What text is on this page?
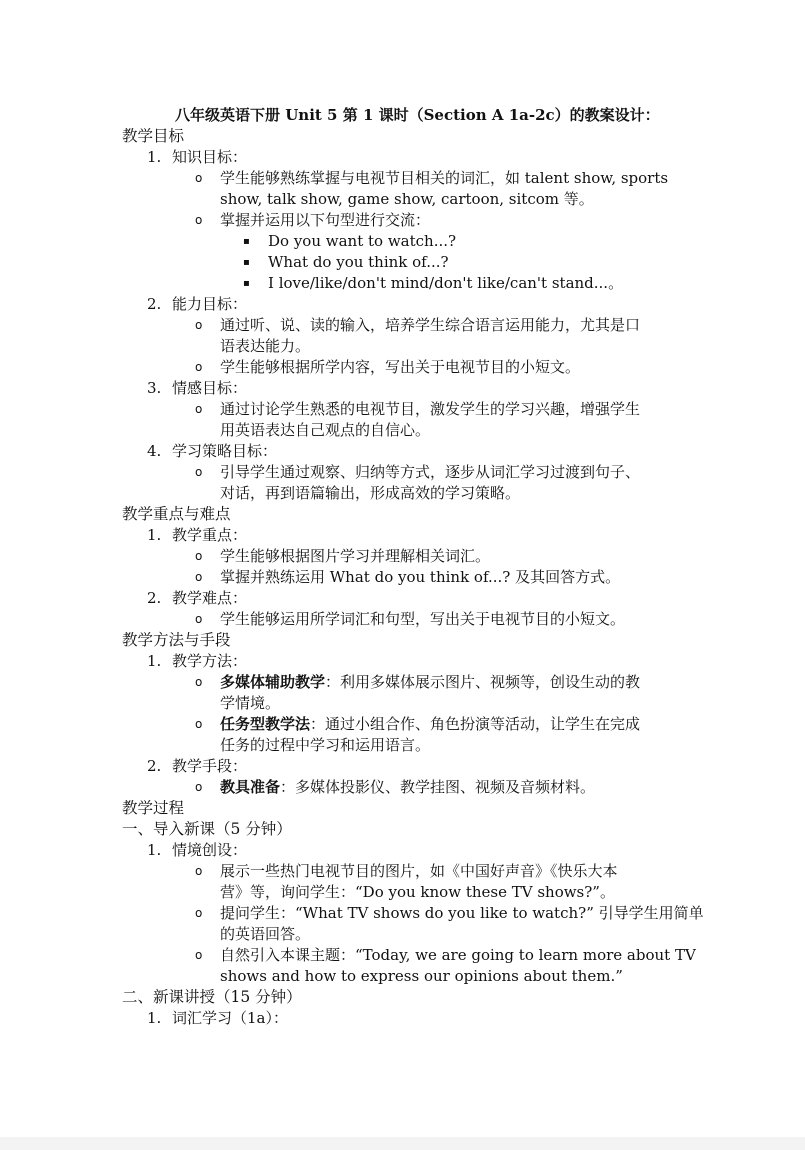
八年级英语下册 Unit 5 第 1 课时（Section A 1a-2c）的教案设计：
教学目标
1. 知识目标：
o 学生能够熟练掌握与电视节目相关的词汇，如 talent show, sports
show, talk show, game show, cartoon, sitcom 等。
o 掌握并运用以下句型进行交流：
▪ Do you want to watch...?
▪ What do you think of...?
▪ I love/like/don't mind/don't like/can't stand...。
2. 能力目标：
o 通过听、说、读的输入，培养学生综合语言运用能力，尤其是口
语表达能力。
o 学生能够根据所学内容，写出关于电视节目的小短文。
3. 情感目标：
o 通过讨论学生熟悉的电视节目，激发学生的学习兴趣，增强学生
用英语表达自己观点的自信心。
4. 学习策略目标：
o 引导学生通过观察、归纳等方式，逐步从词汇学习过渡到句子、
对话，再到语篇输出，形成高效的学习策略。
教学重点与难点
1. 教学重点：
o 学生能够根据图片学习并理解相关词汇。
o 掌握并熟练运用 What do you think of...? 及其回答方式。
2. 教学难点：
o 学生能够运用所学词汇和句型，写出关于电视节目的小短文。
教学方法与手段
1. 教学方法：
o 多媒体辅助教学：利用多媒体展示图片、视频等，创设生动的教
学情境。
o 任务型教学法：通过小组合作、角色扮演等活动，让学生在完成
任务的过程中学习和运用语言。
2. 教学手段：
o 教具准备：多媒体投影仪、教学挂图、视频及音频材料。
教学过程
一、导入新课（5 分钟）
1. 情境创设：
o 展示一些热门电视节目的图片，如《中国好声音》《快乐大本
营》等，询问学生：“Do you know these TV shows?”。
o 提问学生：“What TV shows do you like to watch?” 引导学生用简单
的英语回答。
o 自然引入本课主题：“Today, we are going to learn more about TV
shows and how to express our opinions about them.”
二、新课讲授（15 分钟）
1. 词汇学习（1a）：
